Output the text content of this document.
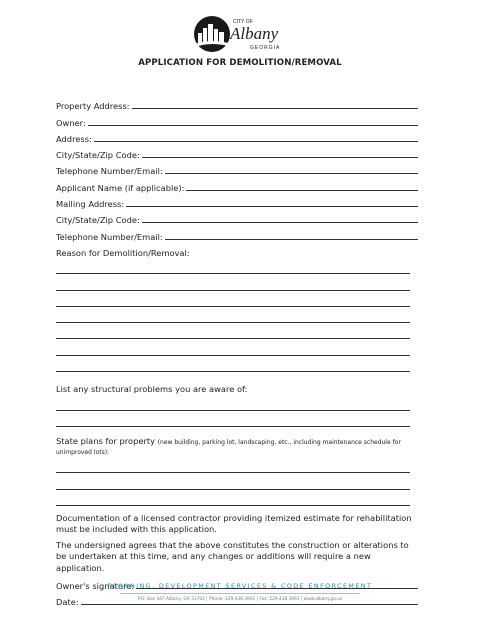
CITY OF
Albany
GEORGIA
APPLICATION FOR DEMOLITION/REMOVAL
Property Address:
Owner:
Address:
City/State/Zip Code:
Telephone Number/Email:
Applicant Name (if applicable):
Mailing Address:
City/State/Zip Code:
Telephone Number/Email:
Reason for Demolition/Removal:
List any structural problems you are aware of:
State plans for property (new building, parking lot, landscaping, etc., including maintenance schedule for unimproved lots):
Documentation of a licensed contractor providing itemized estimate for rehabilitation must be included with this application.
The undersigned agrees that the above constitutes the construction or alterations to be undertaken at this time, and any changes or additions will require a new application.
Owner's signature:
Date:
PLANNING, DEVELOPMENT SERVICES & CODE ENFORCEMENT
P.O. Box 447 Albany, GA 31702 | Phone: 229.438.3901 | Fax: 229.438.3965 | www.albany.ga.us
